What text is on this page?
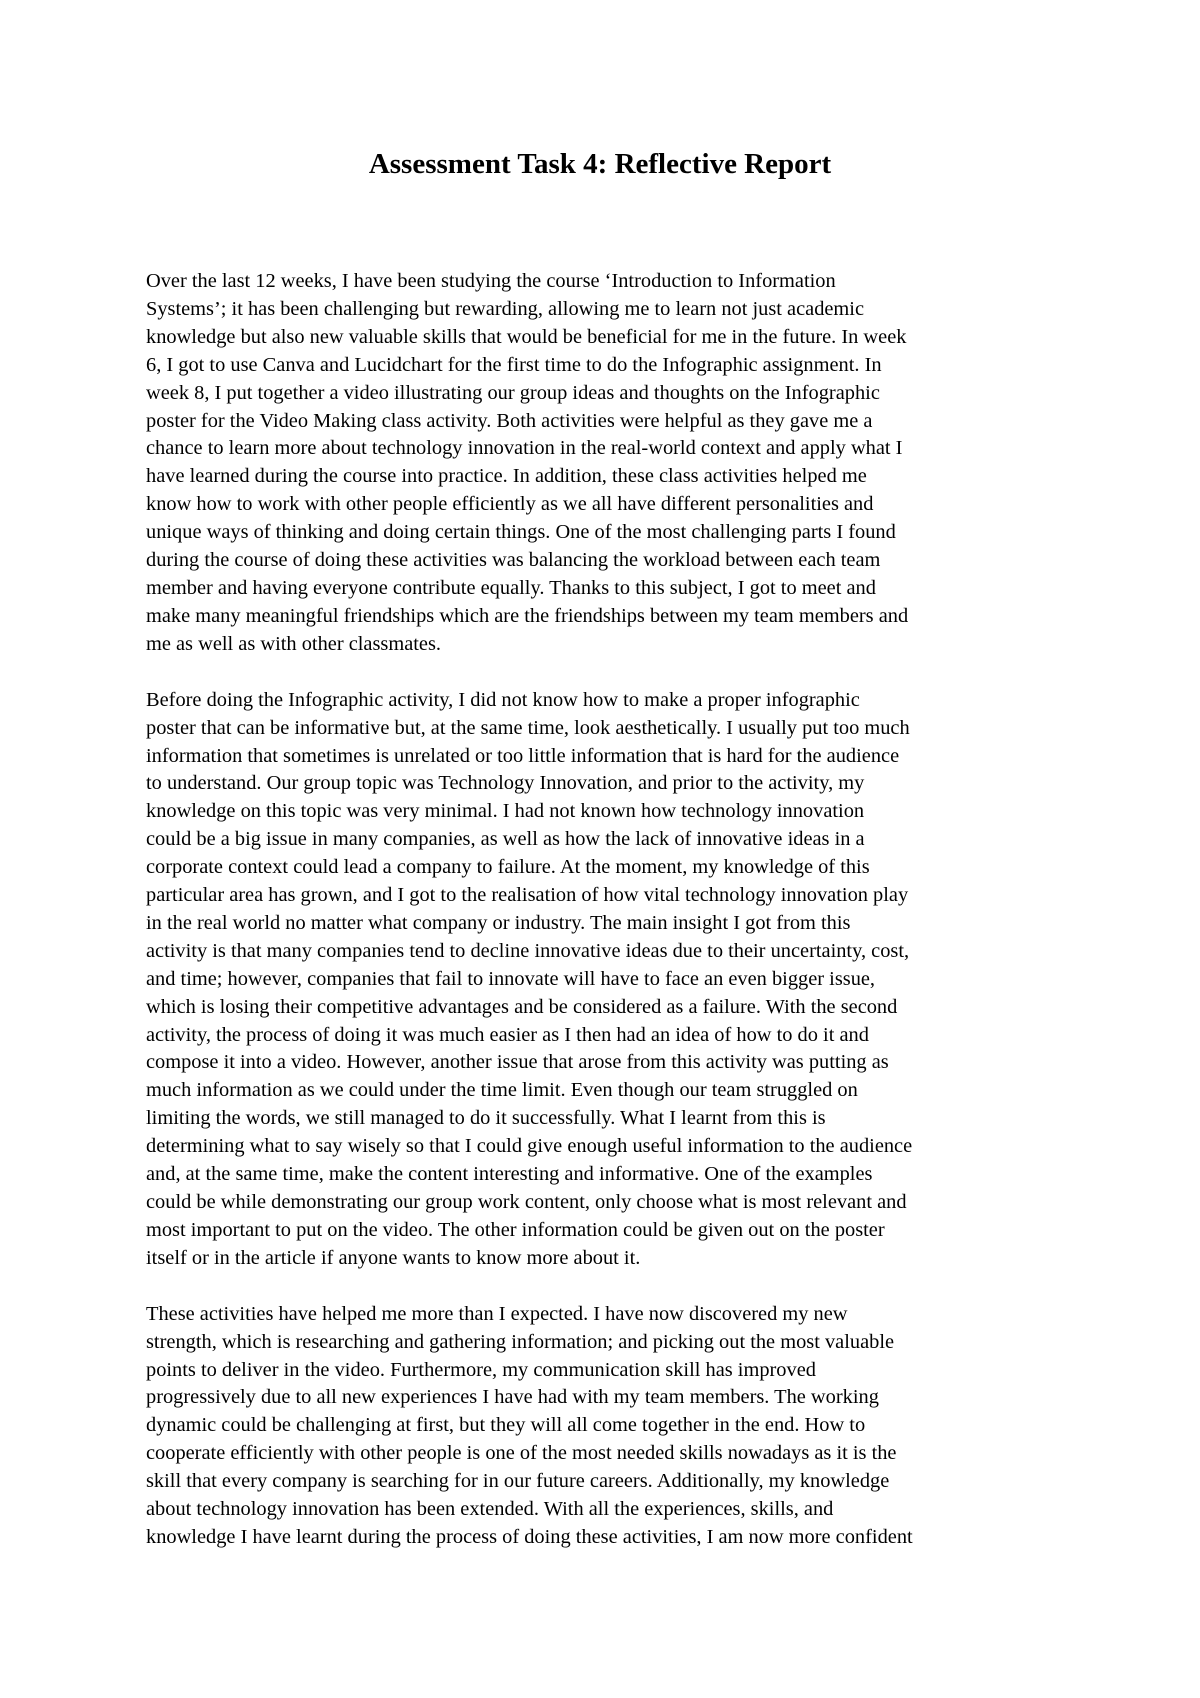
Assessment Task 4: Reflective Report

Over the last 12 weeks, I have been studying the course ‘Introduction to Information
Systems’; it has been challenging but rewarding, allowing me to learn not just academic
knowledge but also new valuable skills that would be beneficial for me in the future. In week
6, I got to use Canva and Lucidchart for the first time to do the Infographic assignment. In
week 8, I put together a video illustrating our group ideas and thoughts on the Infographic
poster for the Video Making class activity. Both activities were helpful as they gave me a
chance to learn more about technology innovation in the real-world context and apply what I
have learned during the course into practice. In addition, these class activities helped me
know how to work with other people efficiently as we all have different personalities and
unique ways of thinking and doing certain things. One of the most challenging parts I found
during the course of doing these activities was balancing the workload between each team
member and having everyone contribute equally. Thanks to this subject, I got to meet and
make many meaningful friendships which are the friendships between my team members and
me as well as with other classmates.

Before doing the Infographic activity, I did not know how to make a proper infographic
poster that can be informative but, at the same time, look aesthetically. I usually put too much
information that sometimes is unrelated or too little information that is hard for the audience
to understand. Our group topic was Technology Innovation, and prior to the activity, my
knowledge on this topic was very minimal. I had not known how technology innovation
could be a big issue in many companies, as well as how the lack of innovative ideas in a
corporate context could lead a company to failure. At the moment, my knowledge of this
particular area has grown, and I got to the realisation of how vital technology innovation play
in the real world no matter what company or industry. The main insight I got from this
activity is that many companies tend to decline innovative ideas due to their uncertainty, cost,
and time; however, companies that fail to innovate will have to face an even bigger issue,
which is losing their competitive advantages and be considered as a failure. With the second
activity, the process of doing it was much easier as I then had an idea of how to do it and
compose it into a video. However, another issue that arose from this activity was putting as
much information as we could under the time limit. Even though our team struggled on
limiting the words, we still managed to do it successfully. What I learnt from this is
determining what to say wisely so that I could give enough useful information to the audience
and, at the same time, make the content interesting and informative. One of the examples
could be while demonstrating our group work content, only choose what is most relevant and
most important to put on the video. The other information could be given out on the poster
itself or in the article if anyone wants to know more about it.

These activities have helped me more than I expected. I have now discovered my new
strength, which is researching and gathering information; and picking out the most valuable
points to deliver in the video. Furthermore, my communication skill has improved
progressively due to all new experiences I have had with my team members. The working
dynamic could be challenging at first, but they will all come together in the end. How to
cooperate efficiently with other people is one of the most needed skills nowadays as it is the
skill that every company is searching for in our future careers. Additionally, my knowledge
about technology innovation has been extended. With all the experiences, skills, and
knowledge I have learnt during the process of doing these activities, I am now more confident
